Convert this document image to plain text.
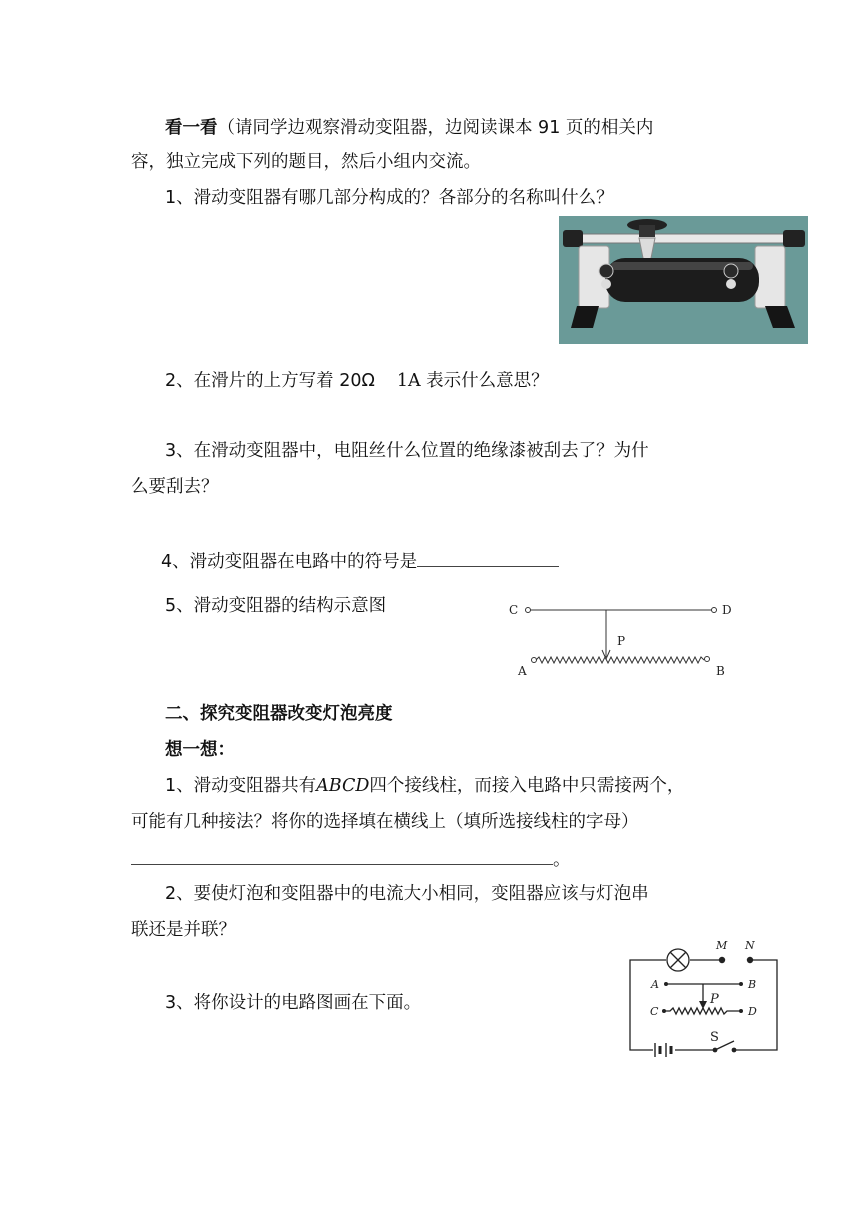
看一看（请同学边观察滑动变阻器，边阅读课本 91 页的相关内
容，独立完成下列的题目，然后小组内交流。
1、滑动变阻器有哪几部分构成的？各部分的名称叫什么？
2、在滑片的上方写着 20Ω 1A 表示什么意思？
3、在滑动变阻器中，电阻丝什么位置的绝缘漆被刮去了？为什
么要刮去？
4、滑动变阻器在电路中的符号是
5、滑动变阻器的结构示意图	C	D
P
A	B
二、探究变阻器改变灯泡亮度
想一想：
1、滑动变阻器共有ABCD四个接线柱，而接入电路中只需接两个，
可能有几种接法？将你的选择填在横线上（填所选接线柱的字母）
。
2、要使灯泡和变阻器中的电流大小相同，变阻器应该与灯泡串
联还是并联？
3、将你设计的电路图画在下面。
M N
A	B
P
C	D
S
